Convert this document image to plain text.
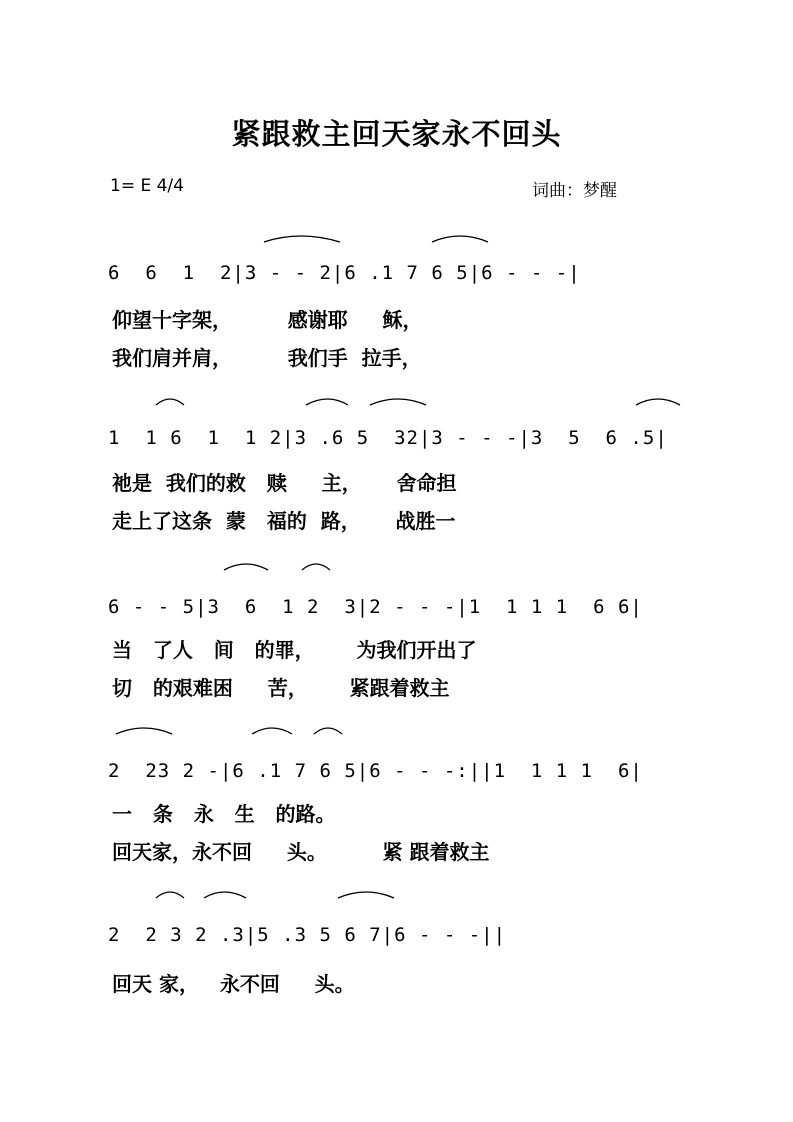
紧跟救主回天家永不回头
1= E 4/4	词曲：梦醒
6  6  1  2|3 - - 2|6 .1 7 6 5|6 - - -|
仰望十字架，        感谢耶     稣，
我们肩并肩，        我们手  拉手，
1  1 6  1  1 2|3 .6 5  32|3 - - -|3  5  6 .5|
祂是  我们的救   赎     主，     舍命担
走上了这条  蒙   福的  路，     战胜一
6 - - 5|3  6  1 2  3|2 - - -|1  1 1 1  6 6|
当   了人   间   的罪，      为我们开出了
切   的艰难困     苦，      紧跟着救主
2  23 2 -|6 .1 7 6 5|6 - - -:||1  1 1 1  6|
一   条   永   生   的路。
回天家，永不回     头。        紧 跟着救主
2  2 3 2 .3|5 .3 5 6 7|6 - - -||
回天 家，   永不回     头。
